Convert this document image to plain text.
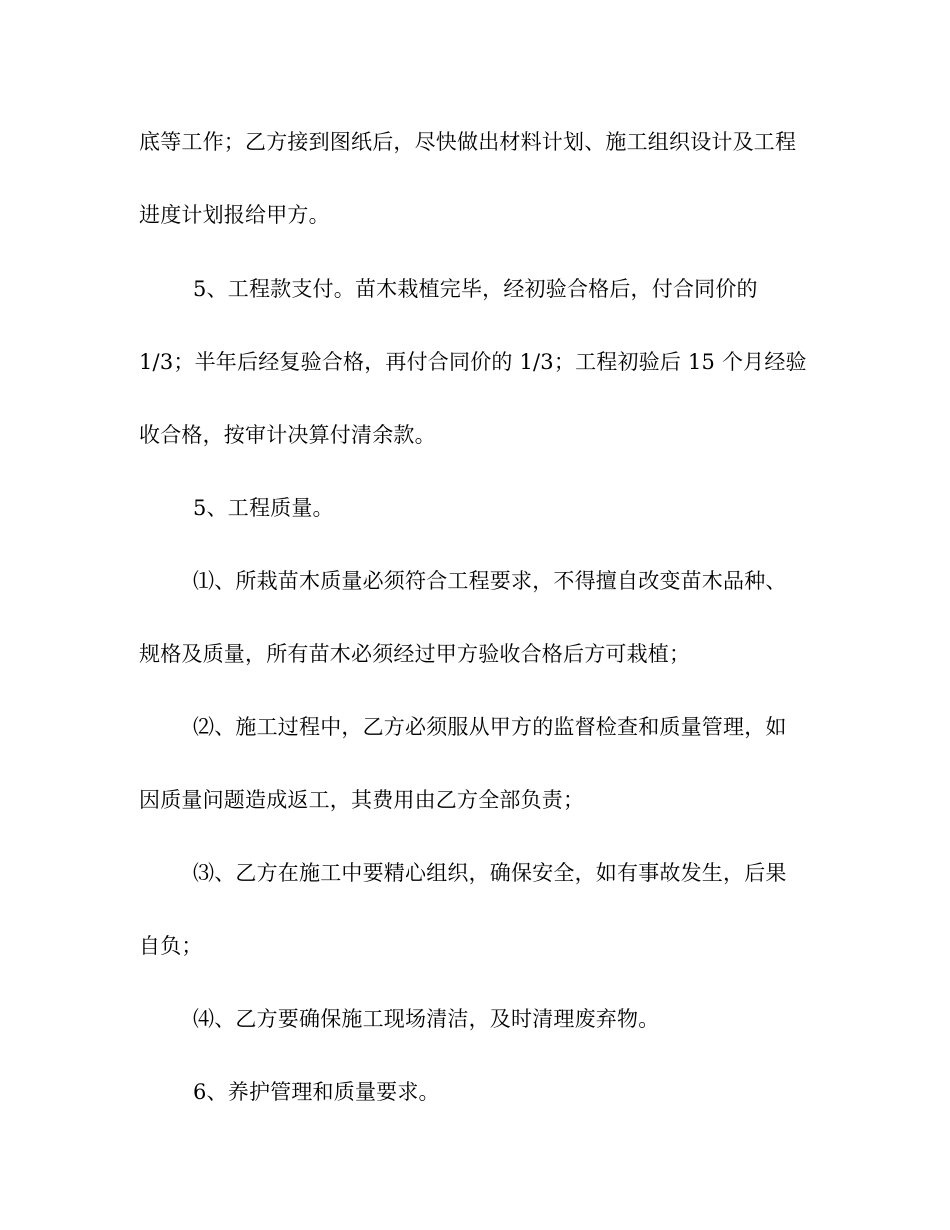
底等工作；乙方接到图纸后，尽快做出材料计划、施工组织设计及工程
进度计划报给甲方。
5、工程款支付。苗木栽植完毕，经初验合格后，付合同价的
1/3；半年后经复验合格，再付合同价的 1/3；工程初验后 15 个月经验
收合格，按审计决算付清余款。
5、工程质量。
⑴、所栽苗木质量必须符合工程要求，不得擅自改变苗木品种、
规格及质量，所有苗木必须经过甲方验收合格后方可栽植；
⑵、施工过程中，乙方必须服从甲方的监督检查和质量管理，如
因质量问题造成返工，其费用由乙方全部负责；
⑶、乙方在施工中要精心组织，确保安全，如有事故发生，后果
自负；
⑷、乙方要确保施工现场清洁，及时清理废弃物。
6、养护管理和质量要求。
